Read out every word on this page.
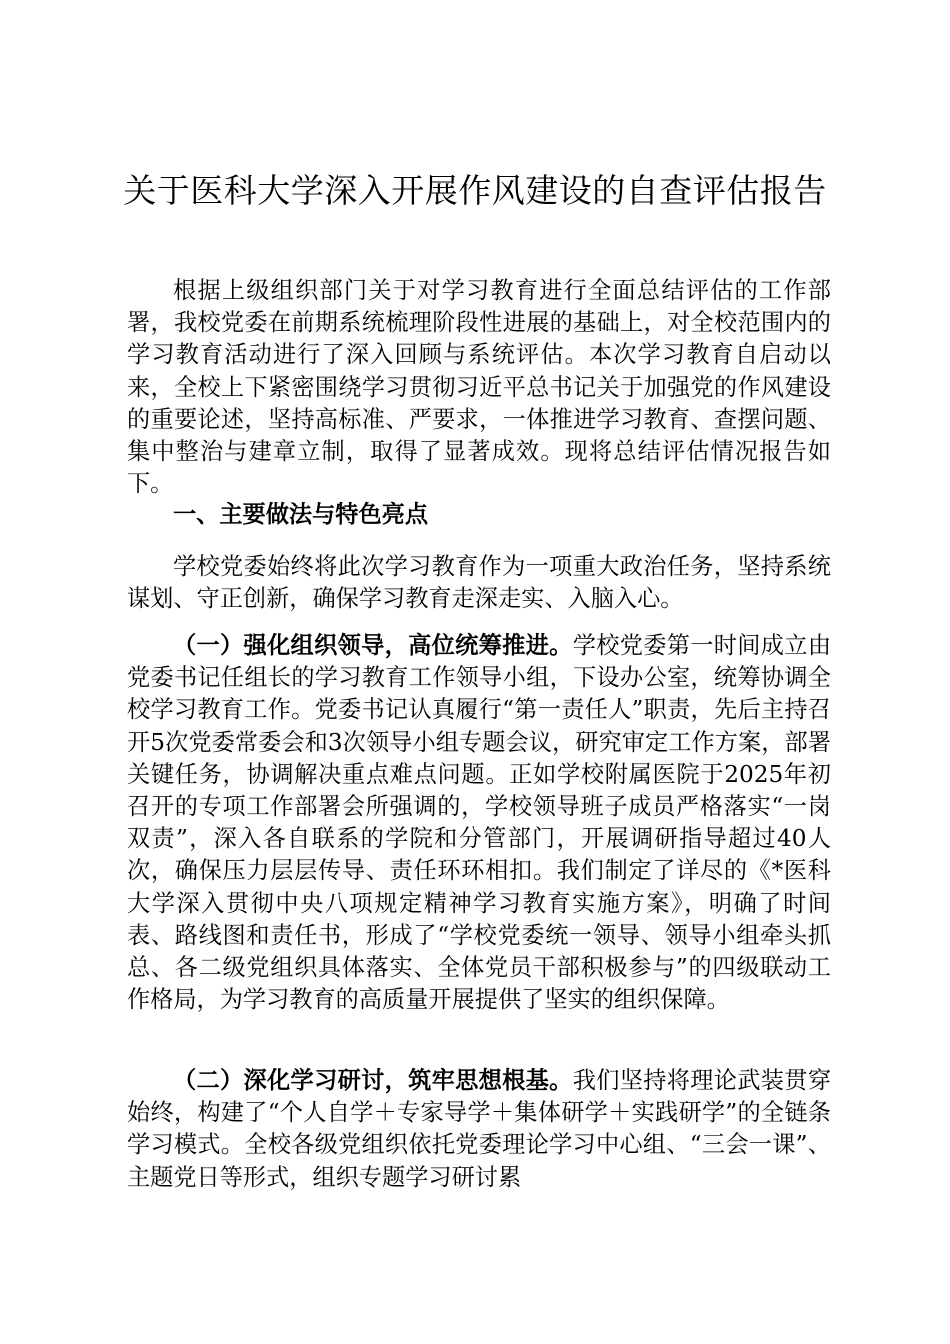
关于医科大学深入开展作风建设的自查评估报告

根据上级组织部门关于对学习教育进行全面总结评估的工作部署，我校党委在前期系统梳理阶段性进展的基础上，对全校范围内的学习教育活动进行了深入回顾与系统评估。本次学习教育自启动以来，全校上下紧密围绕学习贯彻习近平总书记关于加强党的作风建设的重要论述，坚持高标准、严要求，一体推进学习教育、查摆问题、集中整治与建章立制，取得了显著成效。现将总结评估情况报告如下。

一、主要做法与特色亮点

学校党委始终将此次学习教育作为一项重大政治任务，坚持系统谋划、守正创新，确保学习教育走深走实、入脑入心。

（一）强化组织领导，高位统筹推进。学校党委第一时间成立由党委书记任组长的学习教育工作领导小组，下设办公室，统筹协调全校学习教育工作。党委书记认真履行“第一责任人”职责，先后主持召开5次党委常委会和3次领导小组专题会议，研究审定工作方案，部署关键任务，协调解决重点难点问题。正如学校附属医院于2025年初召开的专项工作部署会所强调的，学校领导班子成员严格落实“一岗双责”，深入各自联系的学院和分管部门，开展调研指导超过40人次，确保压力层层传导、责任环环相扣。我们制定了详尽的《*医科大学深入贯彻中央八项规定精神学习教育实施方案》，明确了时间表、路线图和责任书，形成了“学校党委统一领导、领导小组牵头抓总、各二级党组织具体落实、全体党员干部积极参与”的四级联动工作格局，为学习教育的高质量开展提供了坚实的组织保障。

（二）深化学习研讨，筑牢思想根基。我们坚持将理论武装贯穿始终，构建了“个人自学＋专家导学＋集体研学＋实践研学”的全链条学习模式。全校各级党组织依托党委理论学习中心组、“三会一课”、主题党日等形式，组织专题学习研讨累
